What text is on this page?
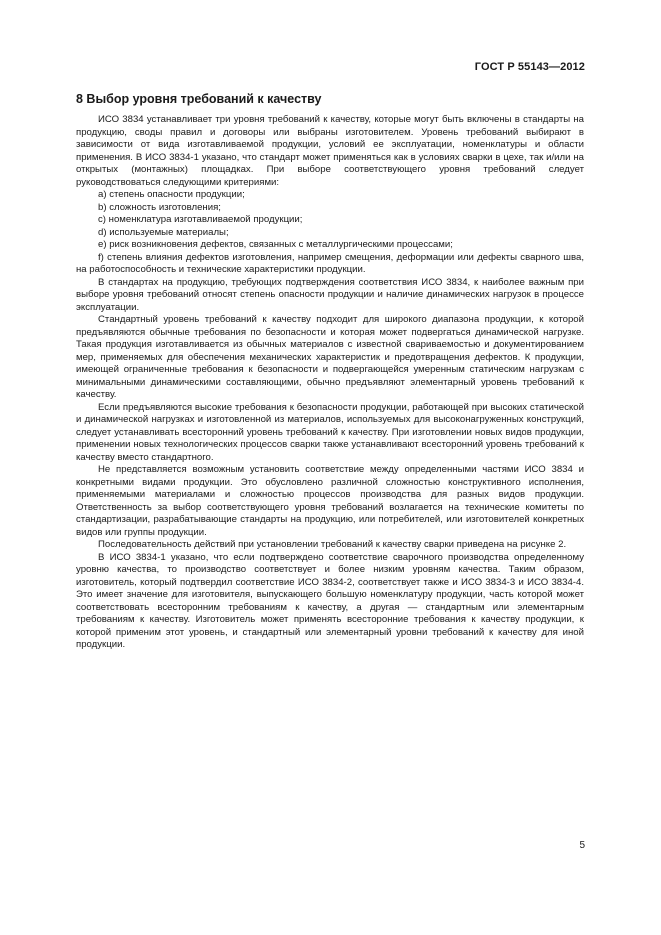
ГОСТ Р 55143—2012
8 Выбор уровня требований к качеству

ИСО 3834 устанавливает три уровня требований к качеству, которые могут быть включены в стандарты на продукцию, своды правил и договоры или выбраны изготовителем. Уровень требований выбирают в зависимости от вида изготавливаемой продукции, условий ее эксплуатации, номенклатуры и области применения. В ИСО 3834-1 указано, что стандарт может применяться как в условиях сварки в цехе, так и/или на открытых (монтажных) площадках. При выборе соответствующего уровня требований следует руководствоваться следующими критериями:

a) степень опасности продукции;

b) сложность изготовления;

c) номенклатура изготавливаемой продукции;

d) используемые материалы;

e) риск возникновения дефектов, связанных с металлургическими процессами;

f) степень влияния дефектов изготовления, например смещения, деформации или дефекты сварного шва, на работоспособность и технические характеристики продукции.

В стандартах на продукцию, требующих подтверждения соответствия ИСО 3834, к наиболее важным при выборе уровня требований относят степень опасности продукции и наличие динамических нагрузок в процессе эксплуатации.

Стандартный уровень требований к качеству подходит для широкого диапазона продукции, к которой предъявляются обычные требования по безопасности и которая может подвергаться динамической нагрузке. Такая продукция изготавливается из обычных материалов с известной свариваемостью и документированием мер, применяемых для обеспечения механических характеристик и предотвращения дефектов. К продукции, имеющей ограниченные требования к безопасности и подвергающейся умеренным статическим нагрузкам с минимальными динамическими составляющими, обычно предъявляют элементарный уровень требований к качеству.

Если предъявляются высокие требования к безопасности продукции, работающей при высоких статической и динамической нагрузках и изготовленной из материалов, используемых для высоконагруженных конструкций, следует устанавливать всесторонний уровень требований к качеству. При изготовлении новых видов продукции, применении новых технологических процессов сварки также устанавливают всесторонний уровень требований к качеству вместо стандартного.

Не представляется возможным установить соответствие между определенными частями ИСО 3834 и конкретными видами продукции. Это обусловлено различной сложностью конструктивного исполнения, применяемыми материалами и сложностью процессов производства для разных видов продукции. Ответственность за выбор соответствующего уровня требований возлагается на технические комитеты по стандартизации, разрабатывающие стандарты на продукцию, или потребителей, или изготовителей конкретных видов или группы продукции.

Последовательность действий при установлении требований к качеству сварки приведена на рисунке 2.

В ИСО 3834-1 указано, что если подтверждено соответствие сварочного производства определенному уровню качества, то производство соответствует и более низким уровням качества. Таким образом, изготовитель, который подтвердил соответствие ИСО 3834-2, соответствует также и ИСО 3834-3 и ИСО 3834-4. Это имеет значение для изготовителя, выпускающего большую номенклатуру продукции, часть которой может соответствовать всесторонним требованиям к качеству, а другая — стандартным или элементарным требованиям к качеству. Изготовитель может применять всесторонние требования к качеству продукции, к которой применим этот уровень, и стандартный или элементарный уровни требований к качеству для иной продукции.

5
